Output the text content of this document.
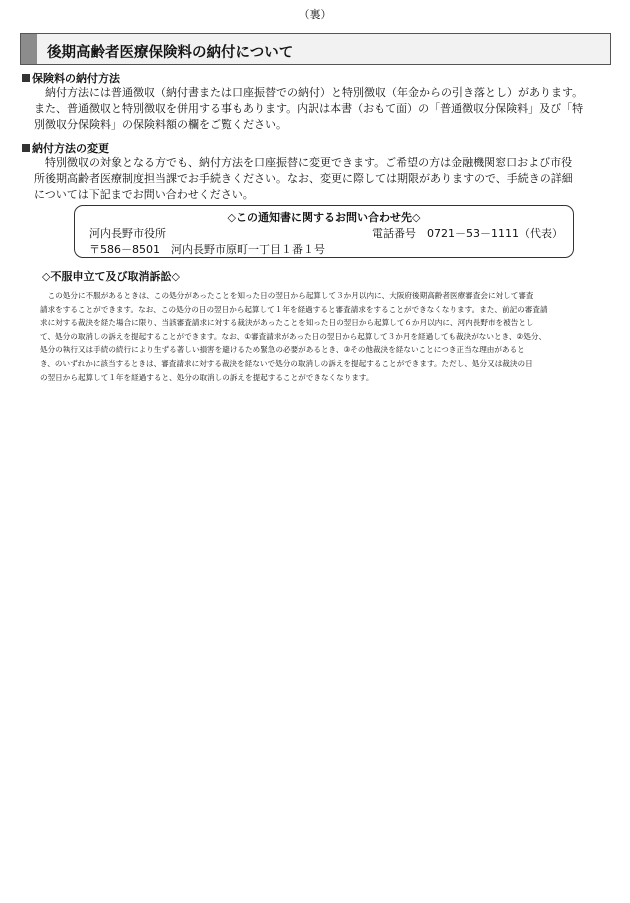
（裏）
後期高齢者医療保険料の納付について
保険料の納付方法
　納付方法には普通徴収（納付書または口座振替での納付）と特別徴収（年金からの引き落とし）があります。
また、普通徴収と特別徴収を併用する事もあります。内訳は本書（おもて面）の「普通徴収分保険料」及び「特
別徴収分保険料」の保険料額の欄をご覧ください。
納付方法の変更
　特別徴収の対象となる方でも、納付方法を口座振替に変更できます。ご希望の方は金融機関窓口および市役
所後期高齢者医療制度担当課でお手続きください。なお、変更に際しては期限がありますので、手続きの詳細
については下記までお問い合わせください。
◇この通知書に関するお問い合わせ先◇
河内長野市役所	電話番号　0721－53－1111（代表）
〒586－8501　河内長野市原町一丁目１番１号
◇不服申立て及び取消訴訟◇
　この処分に不服があるときは、この処分があったことを知った日の翌日から起算して３か月以内に、大阪府後期高齢者医療審査会に対して審査
請求をすることができます。なお、この処分の日の翌日から起算して１年を経過すると審査請求をすることができなくなります。また、前記の審査請
求に対する裁決を経た場合に限り、当該審査請求に対する裁決があったことを知った日の翌日から起算して６か月以内に、河内長野市を被告とし
て、処分の取消しの訴えを提起することができます。なお、①審査請求があった日の翌日から起算して３か月を経過しても裁決がないとき、②処分、
処分の執行又は手続の続行により生ずる著しい損害を避けるため緊急の必要があるとき、③その他裁決を経ないことにつき正当な理由があると
き、のいずれかに該当するときは、審査請求に対する裁決を経ないで処分の取消しの訴えを提起することができます。ただし、処分又は裁決の日
の翌日から起算して１年を経過すると、処分の取消しの訴えを提起することができなくなります。
